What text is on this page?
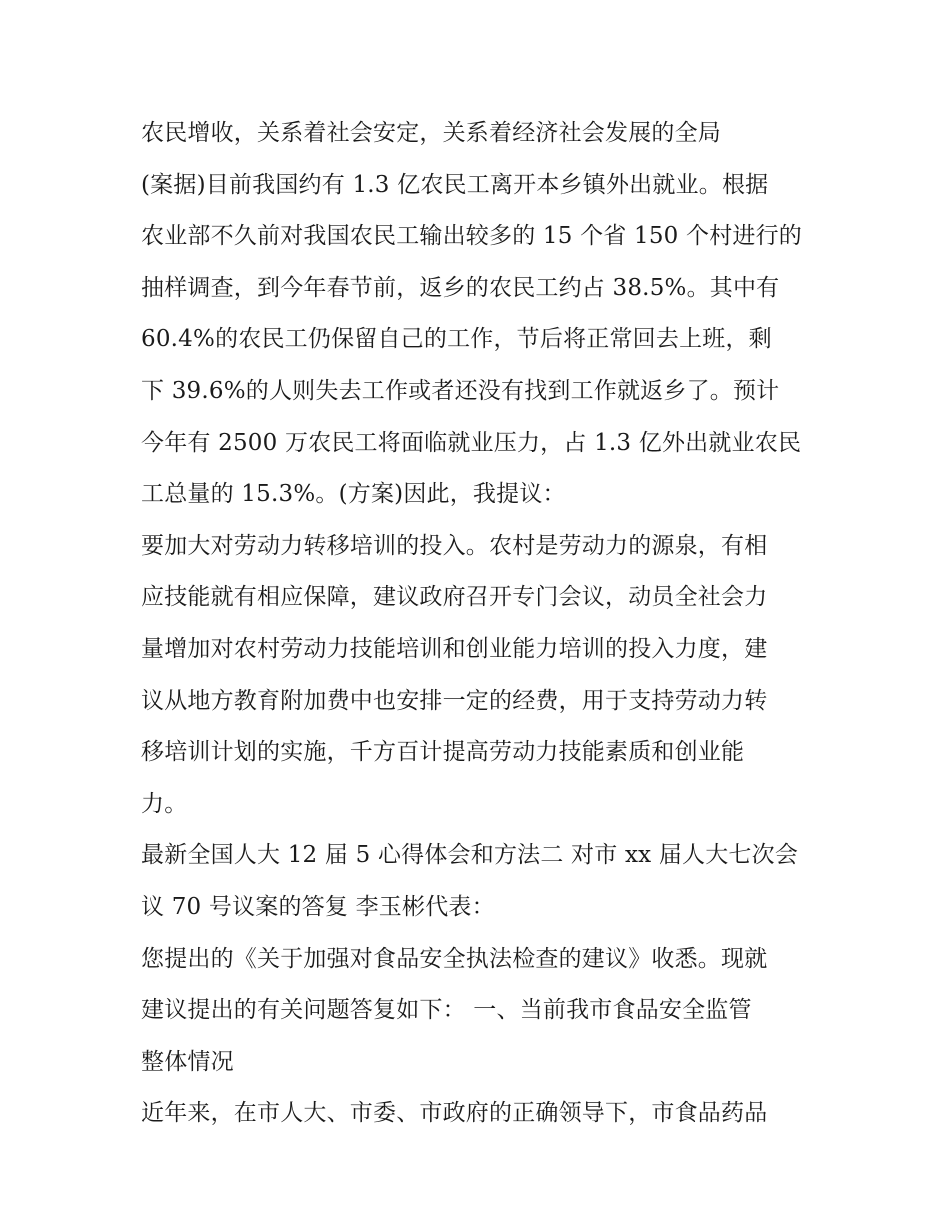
农民增收，关系着社会安定，关系着经济社会发展的全局
(案据)目前我国约有 1.3 亿农民工离开本乡镇外出就业。根据
农业部不久前对我国农民工输出较多的 15 个省 150 个村进行的
抽样调查，到今年春节前，返乡的农民工约占 38.5%。其中有
60.4%的农民工仍保留自己的工作，节后将正常回去上班，剩
下 39.6%的人则失去工作或者还没有找到工作就返乡了。预计
今年有 2500 万农民工将面临就业压力，占 1.3 亿外出就业农民
工总量的 15.3%。(方案)因此，我提议：
要加大对劳动力转移培训的投入。农村是劳动力的源泉，有相
应技能就有相应保障，建议政府召开专门会议，动员全社会力
量增加对农村劳动力技能培训和创业能力培训的投入力度，建
议从地方教育附加费中也安排一定的经费，用于支持劳动力转
移培训计划的实施，千方百计提高劳动力技能素质和创业能
力。
最新全国人大 12 届 5 心得体会和方法二 对市 xx 届人大七次会
议 70 号议案的答复 李玉彬代表：
您提出的《关于加强对食品安全执法检查的建议》收悉。现就
建议提出的有关问题答复如下： 一、当前我市食品安全监管
整体情况
近年来，在市人大、市委、市政府的正确领导下，市食品药品
